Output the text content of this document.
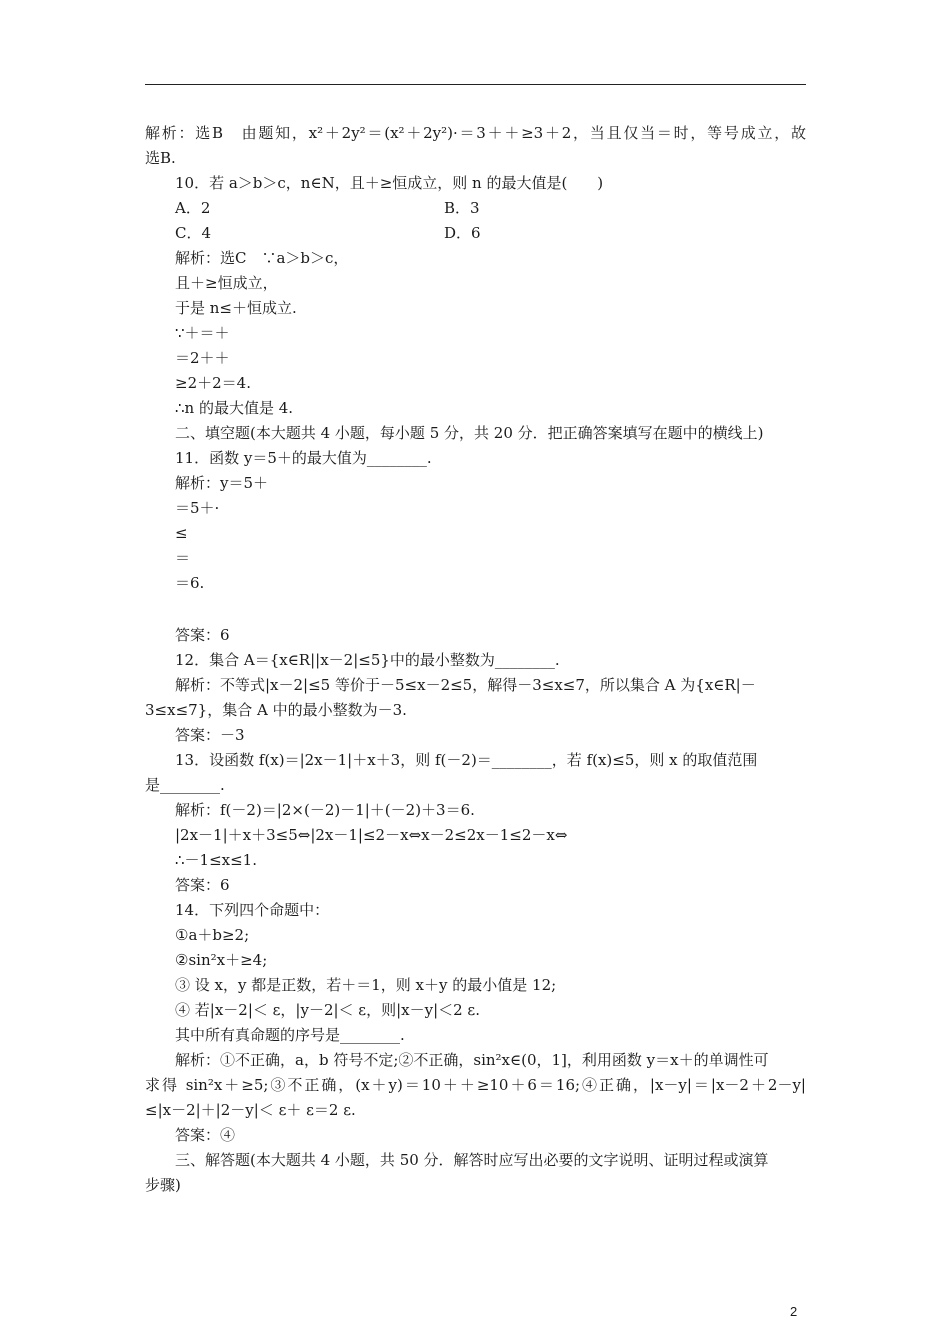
解析：选B　由题知，x²＋2y²＝(x²＋2y²)·＝3＋＋≥3＋2，当且仅当＝时，等号成立，故
选B.
10．若 a＞b＞c，n∈N，且＋≥恒成立，则 n 的最大值是(　　)
A．2	B．3
C．4	D．6
解析：选C　∵a＞b＞c，
且＋≥恒成立，
于是 n≤＋恒成立.
∵＋＝＋
＝2＋＋
≥2＋2＝4.
∴n 的最大值是 4.
二、填空题(本大题共 4 小题，每小题 5 分，共 20 分．把正确答案填写在题中的横线上)
11．函数 y＝5＋的最大值为________.
解析：y＝5＋
＝5＋·
≤
＝
＝6.
答案：6
12．集合 A＝{x∈R||x－2|≤5}中的最小整数为________.
解析：不等式|x－2|≤5 等价于－5≤x－2≤5，解得－3≤x≤7，所以集合 A 为{x∈R|－
3≤x≤7}，集合 A 中的最小整数为－3.
答案：－3
13．设函数 f(x)＝|2x－1|＋x＋3，则 f(－2)＝________，若 f(x)≤5，则 x 的取值范围
是________.
解析：f(－2)＝|2×(－2)－1|＋(－2)＋3＝6.
|2x－1|＋x＋3≤5⇔|2x－1|≤2－x⇔x－2≤2x－1≤2－x⇔
∴－1≤x≤1.
答案：6
14．下列四个命题中：
①a＋b≥2;
②sin²x＋≥4;
③ 设 x，y 都是正数，若＋＝1，则 x＋y 的最小值是 12;
④ 若|x－2|＜ ε，|y－2|＜ ε，则|x－y|＜2 ε.
其中所有真命题的序号是________.
解析：①不正确，a，b 符号不定;②不正确，sin²x∈(0，1]，利用函数 y＝x＋的单调性可
求得 sin²x＋≥5;③不正确，(x＋y)＝10＋＋≥10＋6＝16;④正确，|x－y|＝|x－2＋2－y|
≤|x－2|＋|2－y|＜ ε＋ ε＝2 ε.
答案：④
三、解答题(本大题共 4 小题，共 50 分．解答时应写出必要的文字说明、证明过程或演算
步骤)
2
